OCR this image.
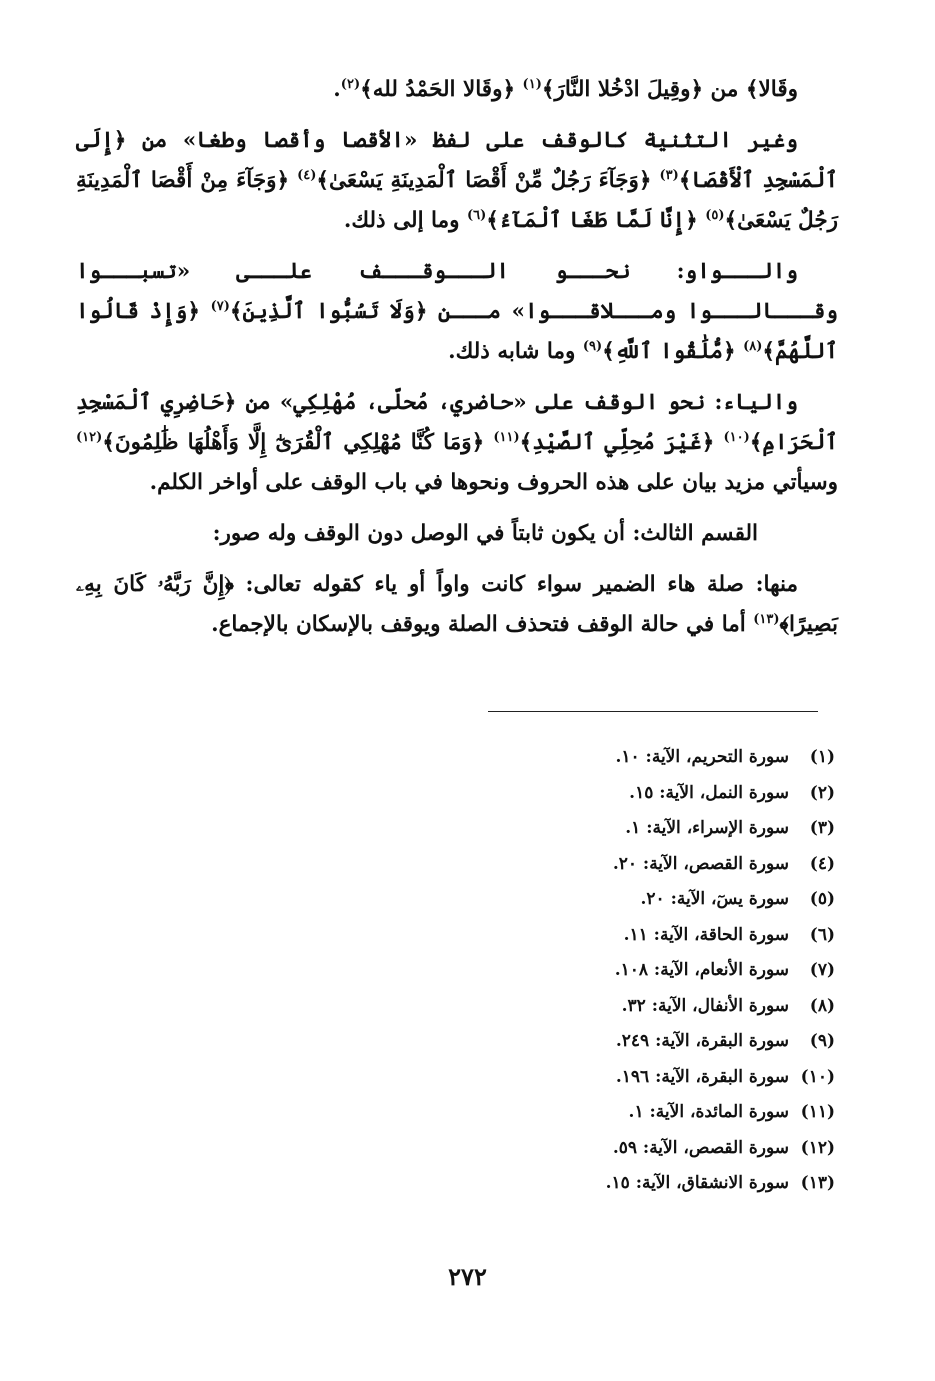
وقَالا﴾ من ﴿وقِيلَ ادْخُلا النَّارَ﴾$^{(١)}$ ﴿وقَالا الحَمْدُ لله﴾$^{(٢)}$.

وغير التثنية كالوقف على لفظ «الأقصا وأقصا وطغا» من ﴿إِلَى ٱلْمَسْجِدِ ٱلْأَقْصَا﴾$^{(٣)}$ ﴿وَجَآءَ رَجُلٌ مِّنْ أَقْصَا ٱلْمَدِينَةِ يَسْعَىٰ﴾$^{(٤)}$ ﴿وَجَآءَ مِنْ أَقْصَا ٱلْمَدِينَةِ رَجُلٌ يَسْعَىٰ﴾$^{(٥)}$ ﴿إِنَّا لَمَّا طَغَا ٱلْمَآءُ﴾$^{(٦)}$ وما إلى ذلك.

والـــواو: نحـــو الـــوقـــف علـــى «تسبـــوا وقـــالـــوا ومـــلاقـــوا» مـــن ﴿وَلَا تَسُبُّوا ٱلَّذِينَ﴾$^{(٧)}$ ﴿وَإِذْ قَالُوا ٱللَّهُمَّ﴾$^{(٨)}$ ﴿مُّلَٰقُوا ٱللَّهِ﴾$^{(٩)}$ وما شابه ذلك.

والياء: نحو الوقف على «حاضري، مُحلّى، مُهْلِكِي» من ﴿حَاضِرِي ٱلْمَسْجِدِ ٱلْحَرَامِ﴾$^{(١٠)}$ ﴿غَيْرَ مُحِلِّي ٱلصَّيْدِ﴾$^{(١١)}$ ﴿وَمَا كُنَّا مُهْلِكِي ٱلْقُرَىٰٓ إِلَّا وَأَهْلُهَا ظَٰلِمُونَ﴾$^{(١٢)}$ وسيأتي مزيد بيان على هذه الحروف ونحوها في باب الوقف على أواخر الكلم.

القسم الثالث: أن يكون ثابتاً في الوصل دون الوقف وله صور:

منها: صلة هاء الضمير سواء كانت واواً أو ياء كقوله تعالى: ﴿إِنَّ رَبَّهُۥ كَانَ بِهِۦ بَصِيرًا﴾$^{(١٣)}$ أما في حالة الوقف فتحذف الصلة ويوقف بالإسكان بالإجماع.

(١)سورة التحريم، الآية: ١٠.
(٢)سورة النمل، الآية: ١٥.
(٣)سورة الإسراء، الآية: ١.
(٤)سورة القصص، الآية: ٢٠.
(٥)سورة يسٓ، الآية: ٢٠.
(٦)سورة الحاقة، الآية: ١١.
(٧)سورة الأنعام، الآية: ١٠٨.
(٨)سورة الأنفال، الآية: ٣٢.
(٩)سورة البقرة، الآية: ٢٤٩.
(١٠)سورة البقرة، الآية: ١٩٦.
(١١)سورة المائدة، الآية: ١.
(١٢)سورة القصص، الآية: ٥٩.
(١٣)سورة الانشقاق، الآية: ١٥.
٢٧٢
